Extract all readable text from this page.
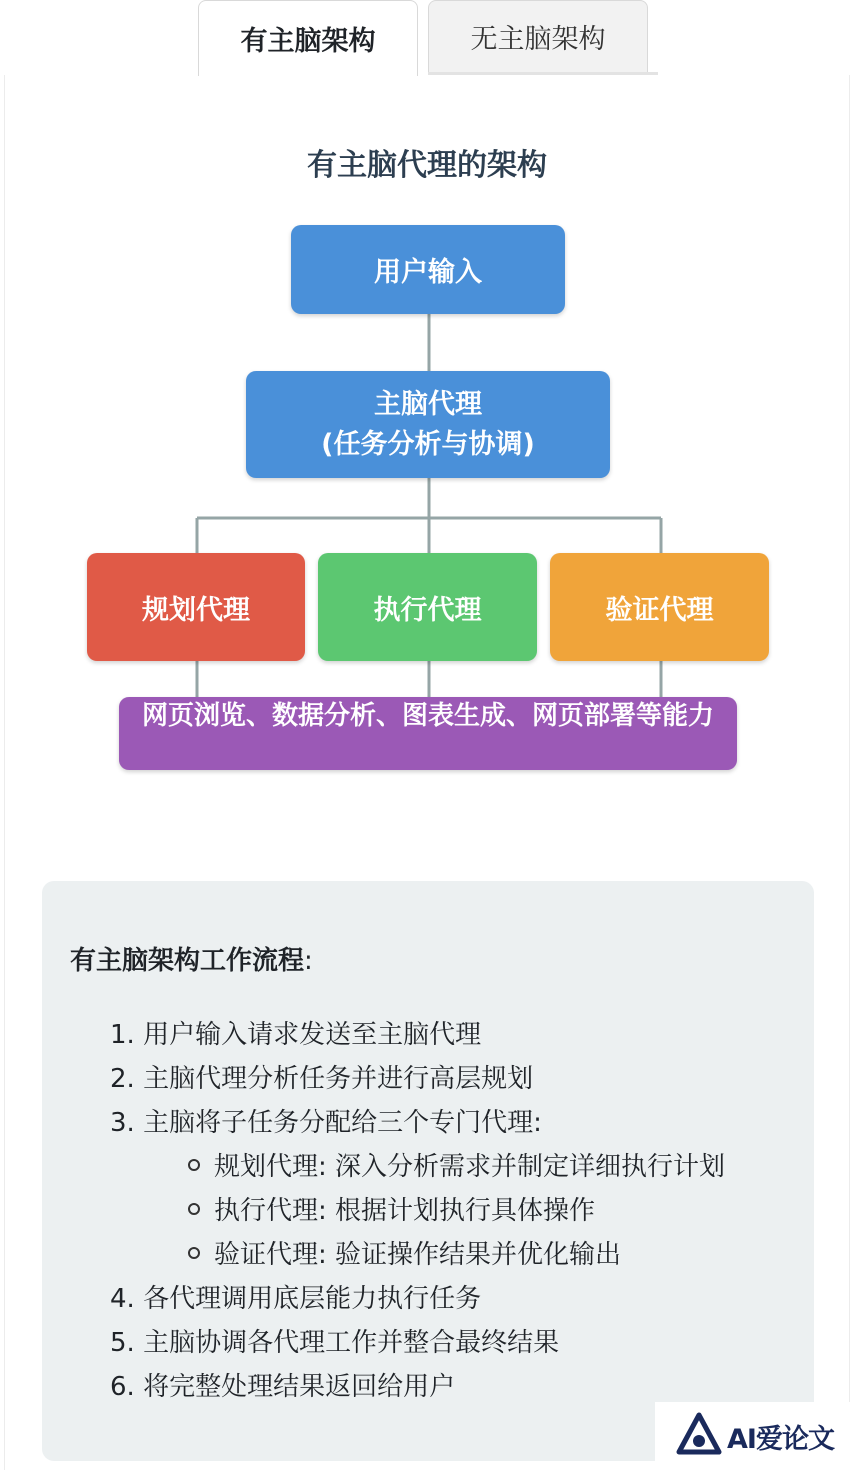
有主脑架构	无主脑架构
有主脑代理的架构
用户输入
主脑代理
(任务分析与协调)
规划代理	执行代理	验证代理
网页浏览、数据分析、图表生成、网页部署等能力
有主脑架构工作流程:
1. 用户输入请求发送至主脑代理
2. 主脑代理分析任务并进行高层规划
3. 主脑将子任务分配给三个专门代理:
规划代理: 深入分析需求并制定详细执行计划
执行代理: 根据计划执行具体操作
验证代理: 验证操作结果并优化输出
4. 各代理调用底层能力执行任务
5. 主脑协调各代理工作并整合最终结果
6. 将完整处理结果返回给用户
AI爱论文
